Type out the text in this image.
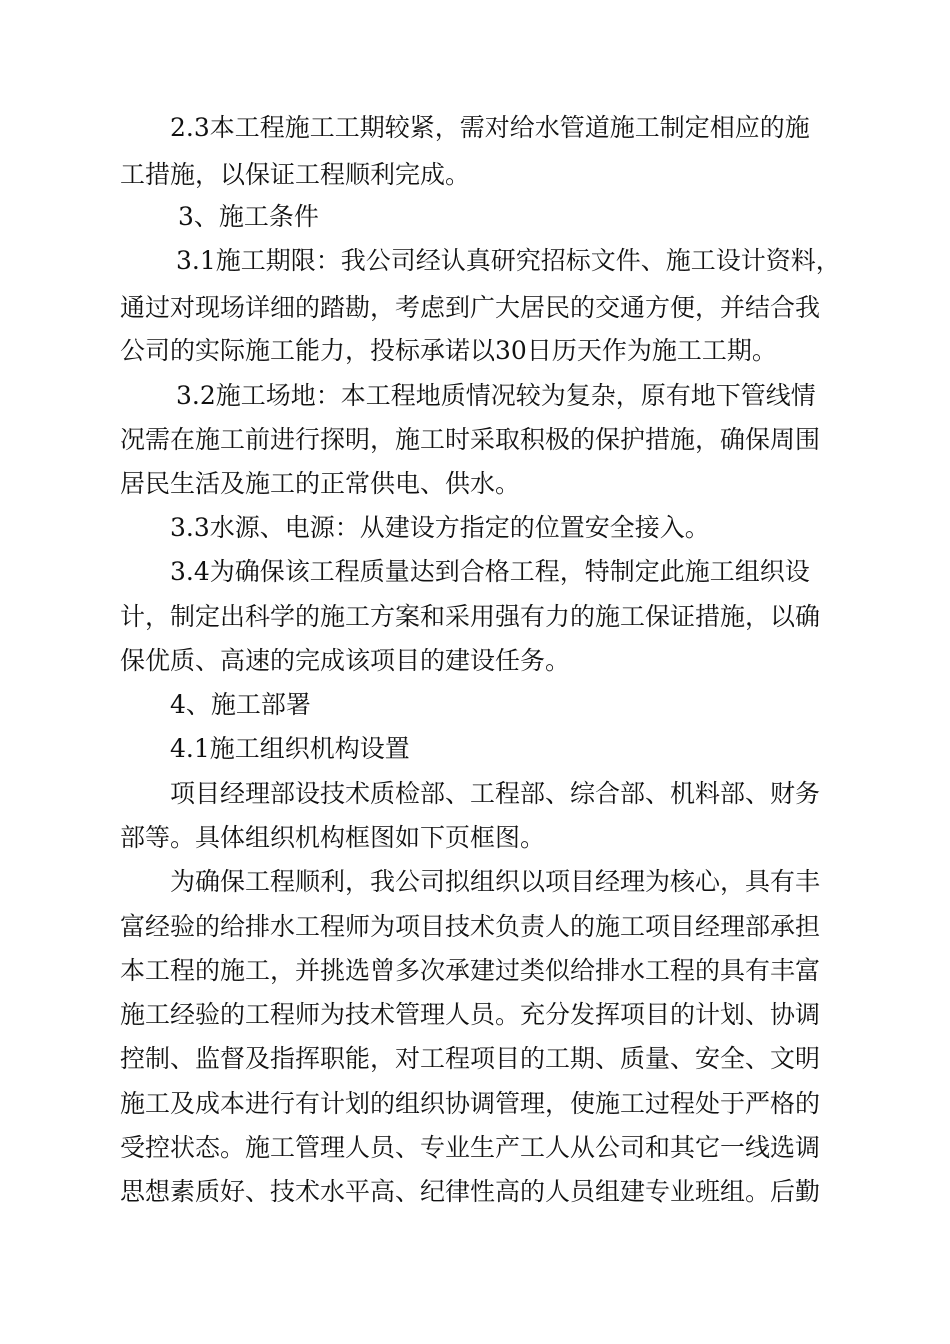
2.3本工程施工工期较紧，需对给水管道施工制定相应的施
工措施，以保证工程顺利完成。
3、施工条件
3.1施工期限：我公司经认真研究招标文件、施工设计资料，
通过对现场详细的踏勘，考虑到广大居民的交通方便，并结合我
公司的实际施工能力，投标承诺以30日历天作为施工工期。
3.2施工场地：本工程地质情况较为复杂，原有地下管线情
况需在施工前进行探明，施工时采取积极的保护措施，确保周围
居民生活及施工的正常供电、供水。
3.3水源、电源：从建设方指定的位置安全接入。
3.4为确保该工程质量达到合格工程，特制定此施工组织设
计，制定出科学的施工方案和采用强有力的施工保证措施，以确
保优质、高速的完成该项目的建设任务。
4、施工部署
4.1施工组织机构设置
项目经理部设技术质检部、工程部、综合部、机料部、财务
部等。具体组织机构框图如下页框图。
为确保工程顺利，我公司拟组织以项目经理为核心，具有丰
富经验的给排水工程师为项目技术负责人的施工项目经理部承担
本工程的施工，并挑选曾多次承建过类似给排水工程的具有丰富
施工经验的工程师为技术管理人员。充分发挥项目的计划、协调
控制、监督及指挥职能，对工程项目的工期、质量、安全、文明
施工及成本进行有计划的组织协调管理，使施工过程处于严格的
受控状态。施工管理人员、专业生产工人从公司和其它一线选调
思想素质好、技术水平高、纪律性高的人员组建专业班组。后勤
